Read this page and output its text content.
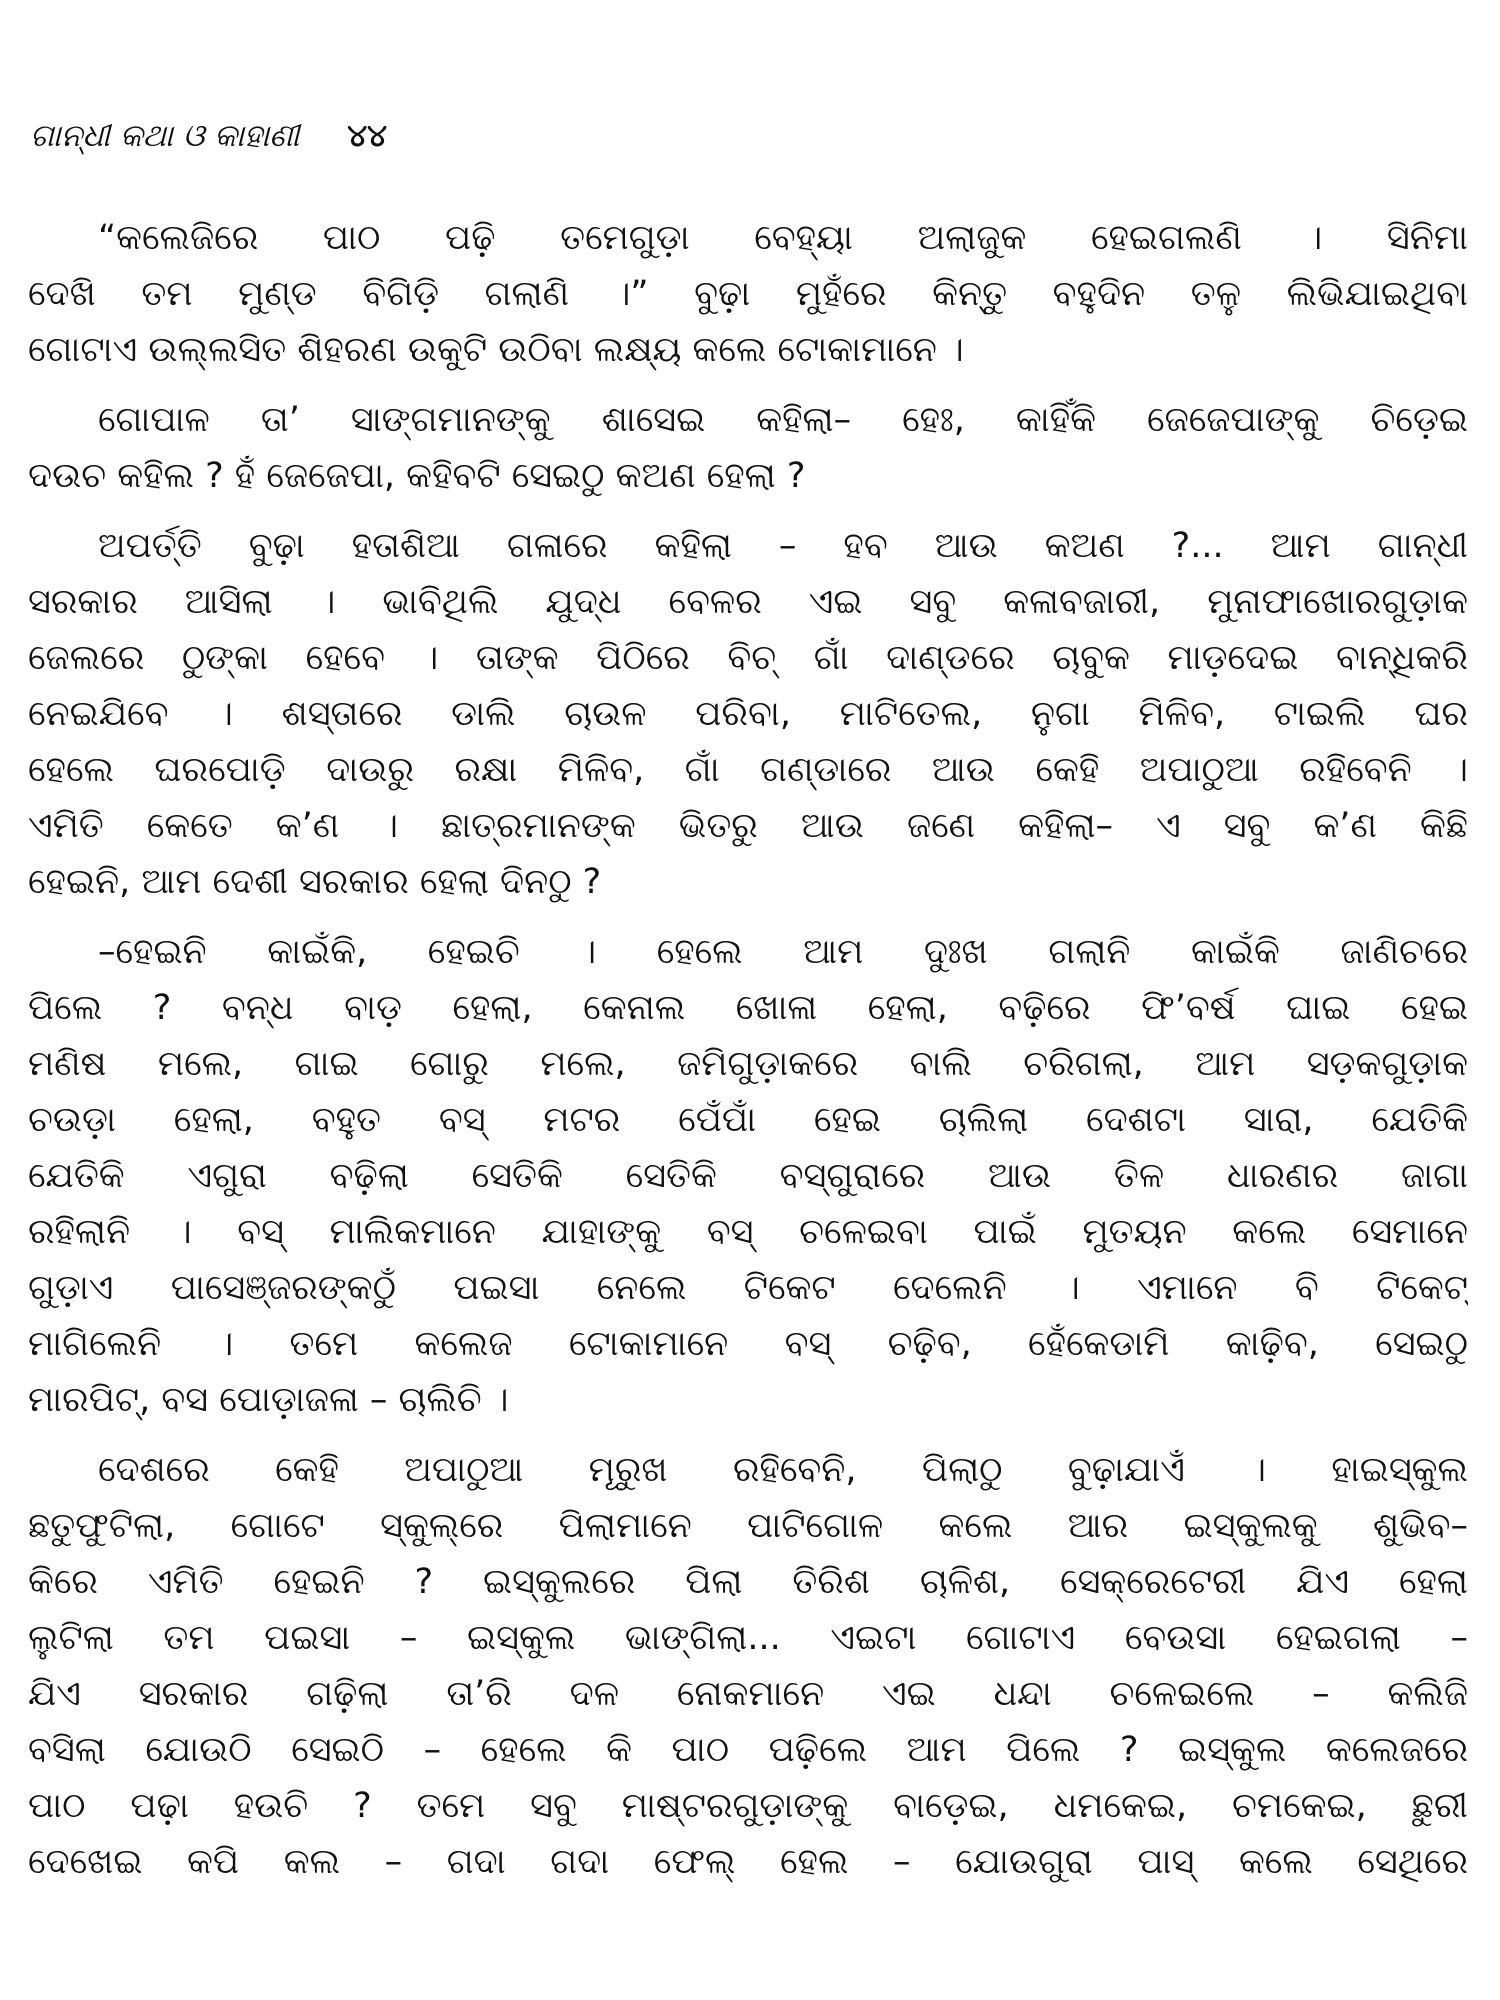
ଗାନ୍ଧୀ କଥା ଓ କାହାଣୀ ୪୪
“କଲେଜିରେ ପାଠ ପଢ଼ି ତମେଗୁଡ଼ା ବେହ୍ୟା ଅଲାଜୁକ ହେଇଗଲଣି । ସିନିମା
ଦେଖି ତମ ମୁଣ୍ଡ ବିଗିଡ଼ି ଗଲାଣି ।” ବୁଢ଼ା ମୁହଁରେ କିନ୍ତୁ ବହୁଦିନ ତଳୁ ଲିଭିଯାଇଥିବା
ଗୋଟାଏ ଉଲ୍ଲସିତ ଶିହରଣ ଉକୁଟି ଉଠିବା ଲକ୍ଷ୍ୟ କଲେ ଟୋକାମାନେ ।
ଗୋପାଳ ତା’ ସାଙ୍ଗମାନଙ୍କୁ ଶାସେଇ କହିଲା– ହେଃ, କାହିଁକି ଜେଜେପାଙ୍କୁ ଚିଡ଼େଇ
ଦଉଚ କହିଲ ? ହଁ ଜେଜେପା, କହିବଟି ସେଇଠୁ କଅଣ ହେଲା ?
ଅପର୍ତ୍ତି ବୁଢ଼ା ହତାଶିଆ ଗଳାରେ କହିଲା – ହବ ଆଉ କଅଣ ?... ଆମ ଗାନ୍ଧୀ
ସରକାର ଆସିଲା । ଭାବିଥିଲି ଯୁଦ୍ଧ ବେଳର ଏଇ ସବୁ କଳାବଜାରୀ, ମୁନାଫାଖୋରଗୁଡ଼ାକ
ଜେଲରେ ଠୁଙ୍କା ହେବେ । ତାଙ୍କ ପିଠିରେ ବିଚ୍ ଗାଁ ଦାଣ୍ଡରେ ଚାବୁକ ମାଡ଼ଦେଇ ବାନ୍ଧିକରି
ନେଇଯିବେ । ଶସ୍ତାରେ ଡାଲି ଚାଉଳ ପରିବା, ମାଟିତେଲ, ନୁଗା ମିଳିବ, ଟାଇଲି ଘର
ହେଲେ ଘରପୋଡ଼ି ଦାଉରୁ ରକ୍ଷା ମିଳିବ, ଗାଁ ଗଣ୍ଡାରେ ଆଉ କେହି ଅପାଠୁଆ ରହିବେନି ।
ଏମିତି କେତେ କ’ଣ । ଛାତ୍ରମାନଙ୍କ ଭିତରୁ ଆଉ ଜଣେ କହିଲା– ଏ ସବୁ କ’ଣ କିଛି
ହେଇନି, ଆମ ଦେଶୀ ସରକାର ହେଲା ଦିନଠୁ ?
–ହେଇନି କାଇଁକି, ହେଇଚି । ହେଲେ ଆମ ଦୁଃଖ ଗଲାନି କାଇଁକି ଜାଣିଚରେ
ପିଲେ ? ବନ୍ଧ ବାଡ଼ ହେଲା, କେନାଲ ଖୋଳା ହେଲା, ବଢ଼ିରେ ଫି’ବର୍ଷ ଘାଇ ହେଇ
ମଣିଷ ମଲେ, ଗାଇ ଗୋରୁ ମଲେ, ଜମିଗୁଡ଼ାକରେ ବାଲି ଚରିଗଲା, ଆମ ସଡ଼କଗୁଡ଼ାକ
ଚଉଡ଼ା ହେଲା, ବହୁତ ବସ୍ ମଟର ପେଁପାଁ ହେଇ ଚାଲିଲା ଦେଶଟା ସାରା, ଯେତିକି
ଯେତିକି ଏଗୁରା ବଢ଼ିଲା ସେତିକି ସେତିକି ବସ୍‌ଗୁରାରେ ଆଉ ତିଳ ଧାରଣର ଜାଗା
ରହିଲାନି । ବସ୍ ମାଲିକମାନେ ଯାହାଙ୍କୁ ବସ୍ ଚଳେଇବା ପାଇଁ ମୁତୟନ କଲେ ସେମାନେ
ଗୁଡ଼ାଏ ପାସେଞ୍ଜରଙ୍କଠୁଁ ପଇସା ନେଲେ ଟିକେଟ ଦେଲେନି । ଏମାନେ ବି ଟିକେଟ୍
ମାଗିଲେନି । ତମେ କଲେଜ ଟୋକାମାନେ ବସ୍ ଚଢ଼ିବ, ହେଁକେଡାମି କାଢ଼ିବ, ସେଇଠୁ
ମାରପିଟ୍, ବସ ପୋଡ଼ାଜଳା – ଚାଲିଚି ।
ଦେଶରେ କେହି ଅପାଠୁଆ ମୂରୁଖ ରହିବେନି, ପିଲାଠୁ ବୁଢ଼ାଯାଏଁ । ହାଇସ୍କୁଲ
ଛତୁଫୁଟିଲା, ଗୋଟେ ସ୍କୁଲ୍‌ରେ ପିଲାମାନେ ପାଟିଗୋଳ କଲେ ଆର ଇସ୍କୁଲକୁ ଶୁଭିବ–
କିରେ ଏମିତି ହେଇନି ? ଇସ୍କୁଲରେ ପିଲା ତିରିଶ ଚାଳିଶ, ସେକ୍ରେଟେରୀ ଯିଏ ହେଲା
ଲୁଟିଲା ତମ ପଇସା – ଇସ୍କୁଲ ଭାଙ୍ଗିଲା... ଏଇଟା ଗୋଟାଏ ବେଉସା ହେଇଗଲା –
ଯିଏ ସରକାର ଗଢ଼ିଲା ତା’ରି ଦଳ ନୋକମାନେ ଏଇ ଧନ୍ଦା ଚଳେଇଲେ – କଲିଜି
ବସିଲା ଯୋଉଠି ସେଇଠି – ହେଲେ କି ପାଠ ପଢ଼ିଲେ ଆମ ପିଲେ ? ଇସ୍କୁଲ କଲେଜରେ
ପାଠ ପଢ଼ା ହଉଚି ? ତମେ ସବୁ ମାଷ୍ଟରଗୁଡ଼ାଙ୍କୁ ବାଡ଼େଇ, ଧମକେଇ, ଚମକେଇ, ଛୁରୀ
ଦେଖେଇ କପି କଲ – ଗଦା ଗଦା ଫେଲ୍ ହେଲ – ଯୋଉଗୁରା ପାସ୍ କଲେ ସେଥିରେ
